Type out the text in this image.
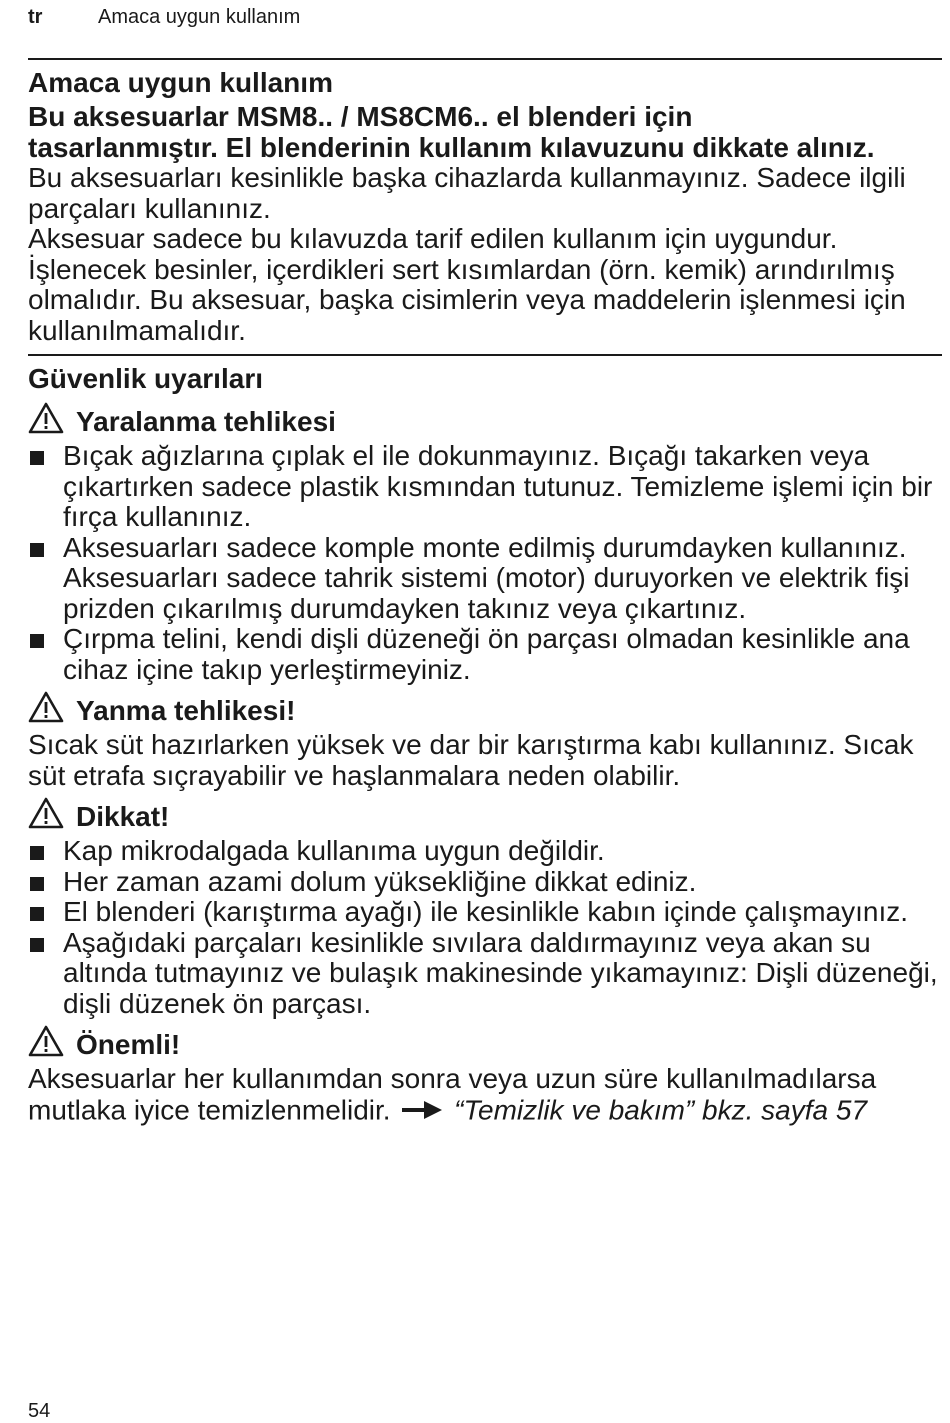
tr	Amaca uygun kullanım
Amaca uygun kullanım
Bu aksesuarlar MSM8.. / MS8CM6.. el blenderi için
tasarlanmıştır. El blenderinin kullanım kılavuzunu dikkate alınız.

Bu aksesuarları kesinlikle başka cihazlarda kullanmayınız. Sadece ilgili parçaları kullanınız.

Aksesuar sadece bu kılavuzda tarif edilen kullanım için uygundur. İşlenecek besinler, içerdikleri sert kısımlardan (örn. kemik) arındırılmış olmalıdır. Bu aksesuar, başka cisimlerin veya maddelerin işlenmesi için kullanılmamalıdır.

Güvenlik uyarıları
Yaralanma tehlikesi
Bıçak ağızlarına çıplak el ile dokunmayınız. Bıçağı takarken veya çıkartırken sadece plastik kısmından tutunuz. Temizleme işlemi için bir fırça kullanınız.
Aksesuarları sadece komple monte edilmiş durumdayken kullanınız. Aksesuarları sadece tahrik sistemi (motor) duruyorken ve elektrik fişi prizden çıkarılmış durumdayken takınız veya çıkartınız.
Çırpma telini, kendi dişli düzeneği ön parçası olmadan kesinlikle ana cihaz içine takıp yerleştirmeyiniz.
Yanma tehlikesi!

Sıcak süt hazırlarken yüksek ve dar bir karıştırma kabı kullanınız. Sıcak süt etrafa sıçrayabilir ve haşlanmalara neden olabilir.

Dikkat!
Kap mikrodalgada kullanıma uygun değildir.
Her zaman azami dolum yüksekliğine dikkat ediniz.
El blenderi (karıştırma ayağı) ile kesinlikle kabın içinde çalışmayınız.
Aşağıdaki parçaları kesinlikle sıvılara daldırmayınız veya akan su altında tutmayınız ve bulaşık makinesinde yıkamayınız: Dişli düzeneği, dişli düzenek ön parçası.
Önemli!

Aksesuarlar her kullanımdan sonra veya uzun süre kullanılmadılarsa mutlaka iyice temizlenmelidir. “Temizlik ve bakım” bkz. sayfa 57

54
